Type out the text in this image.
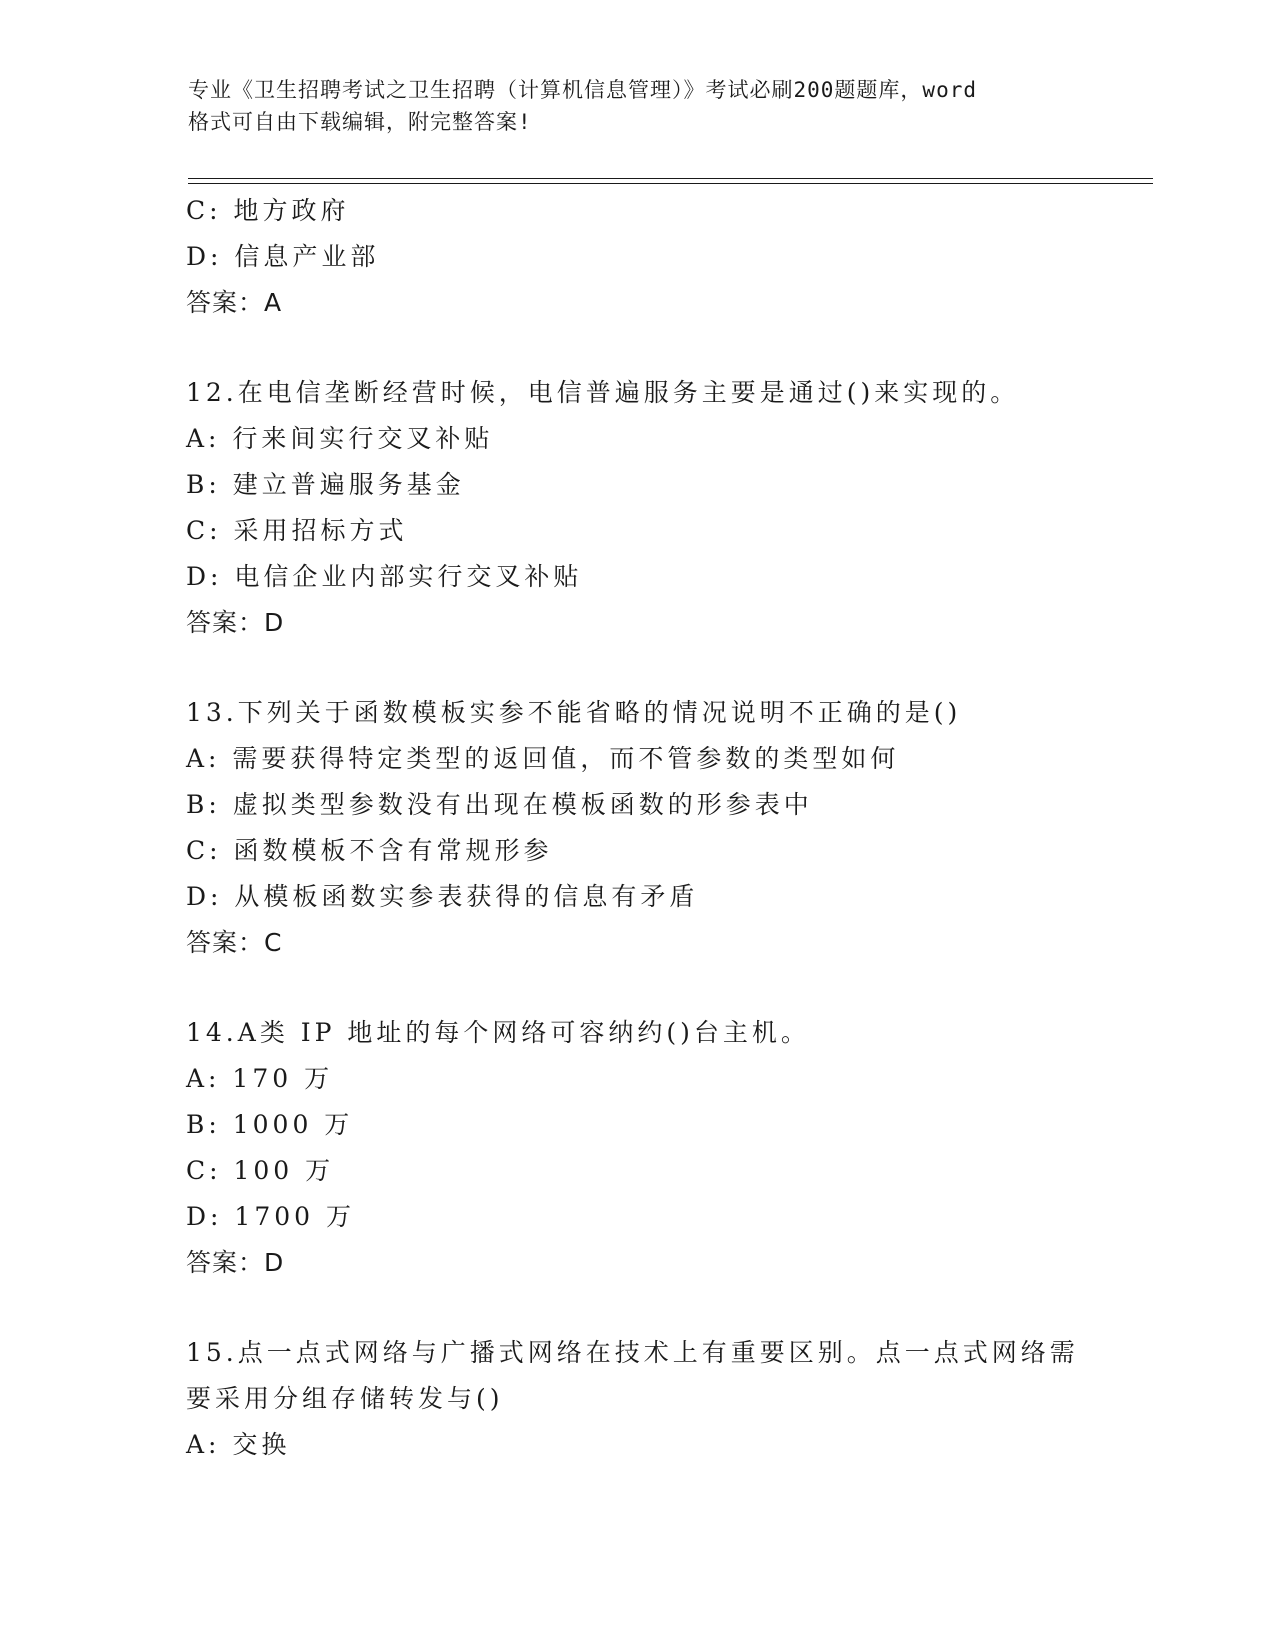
专业《卫生招聘考试之卫生招聘（计算机信息管理）》考试必刷200题题库，word
格式可自由下载编辑，附完整答案!
C: 地方政府
D: 信息产业部
答案：A
12.在电信垄断经营时候，电信普遍服务主要是通过()来实现的。
A: 行来间实行交叉补贴
B: 建立普遍服务基金
C: 采用招标方式
D: 电信企业内部实行交叉补贴
答案：D
13.下列关于函数模板实参不能省略的情况说明不正确的是()
A: 需要获得特定类型的返回值，而不管参数的类型如何
B: 虚拟类型参数没有出现在模板函数的形参表中
C: 函数模板不含有常规形参
D: 从模板函数实参表获得的信息有矛盾
答案：C
14.A类 IP 地址的每个网络可容纳约()台主机。
A: 170 万
B: 1000 万
C: 100 万
D: 1700 万
答案：D
15.点一点式网络与广播式网络在技术上有重要区别。点一点式网络需
要采用分组存储转发与()
A: 交换
